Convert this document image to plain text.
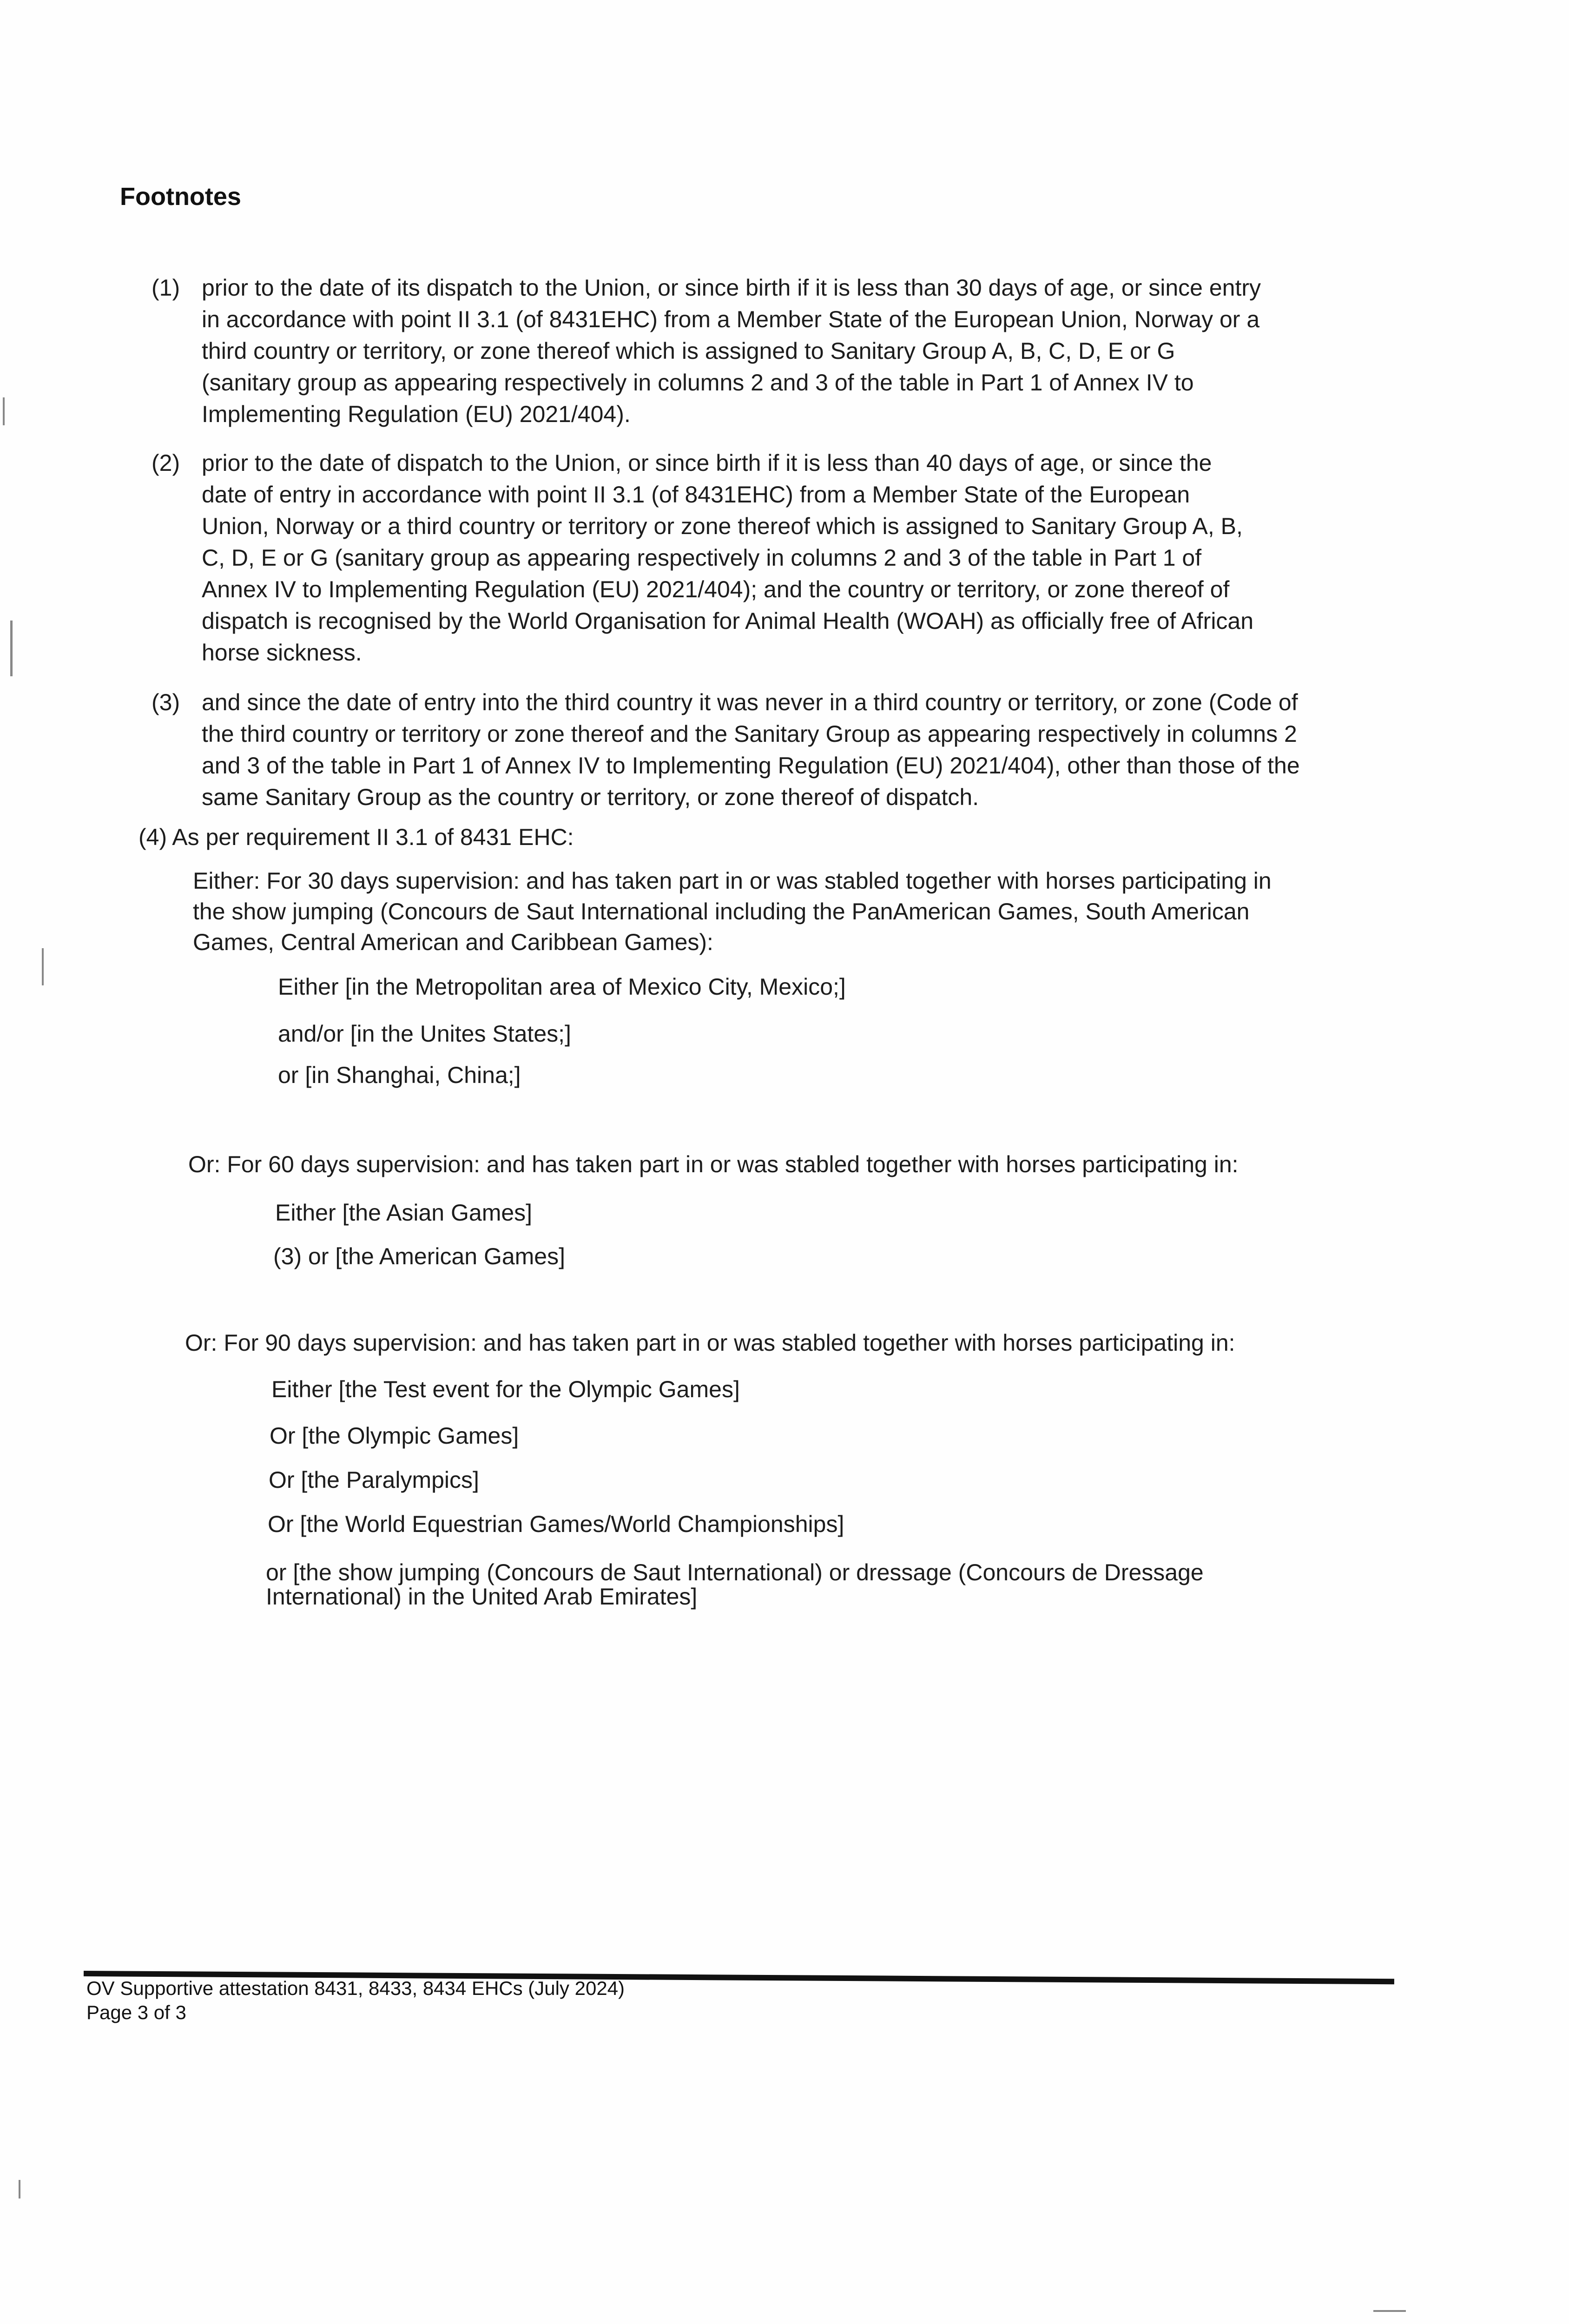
Footnotes
(1) prior to the date of its dispatch to the Union, or since birth if it is less than 30 days of age, or since entry
in accordance with point II 3.1 (of 8431EHC) from a Member State of the European Union, Norway or a
third country or territory, or zone thereof which is assigned to Sanitary Group A, B, C, D, E or G
(sanitary group as appearing respectively in columns 2 and 3 of the table in Part 1 of Annex IV to
Implementing Regulation (EU) 2021/404).
(2) prior to the date of dispatch to the Union, or since birth if it is less than 40 days of age, or since the
date of entry in accordance with point II 3.1 (of 8431EHC) from a Member State of the European
Union, Norway or a third country or territory or zone thereof which is assigned to Sanitary Group A, B,
C, D, E or G (sanitary group as appearing respectively in columns 2 and 3 of the table in Part 1 of
Annex IV to Implementing Regulation (EU) 2021/404); and the country or territory, or zone thereof of
dispatch is recognised by the World Organisation for Animal Health (WOAH) as officially free of African
horse sickness.
(3) and since the date of entry into the third country it was never in a third country or territory, or zone (Code of
the third country or territory or zone thereof and the Sanitary Group as appearing respectively in columns 2
and 3 of the table in Part 1 of Annex IV to Implementing Regulation (EU) 2021/404), other than those of the
same Sanitary Group as the country or territory, or zone thereof of dispatch.
(4) As per requirement II 3.1 of 8431 EHC:
Either: For 30 days supervision: and has taken part in or was stabled together with horses participating in
the show jumping (Concours de Saut International including the PanAmerican Games, South American
Games, Central American and Caribbean Games):
Either [in the Metropolitan area of Mexico City, Mexico;]
and/or [in the Unites States;]
or [in Shanghai, China;]
Or: For 60 days supervision: and has taken part in or was stabled together with horses participating in:
Either [the Asian Games]
(3) or [the American Games]
Or: For 90 days supervision: and has taken part in or was stabled together with horses participating in:
Either [the Test event for the Olympic Games]
Or [the Olympic Games]
Or [the Paralympics]
Or [the World Equestrian Games/World Championships]
or [the show jumping (Concours de Saut International) or dressage (Concours de Dressage
International) in the United Arab Emirates]
OV Supportive attestation 8431, 8433, 8434 EHCs (July 2024)
Page 3 of 3
